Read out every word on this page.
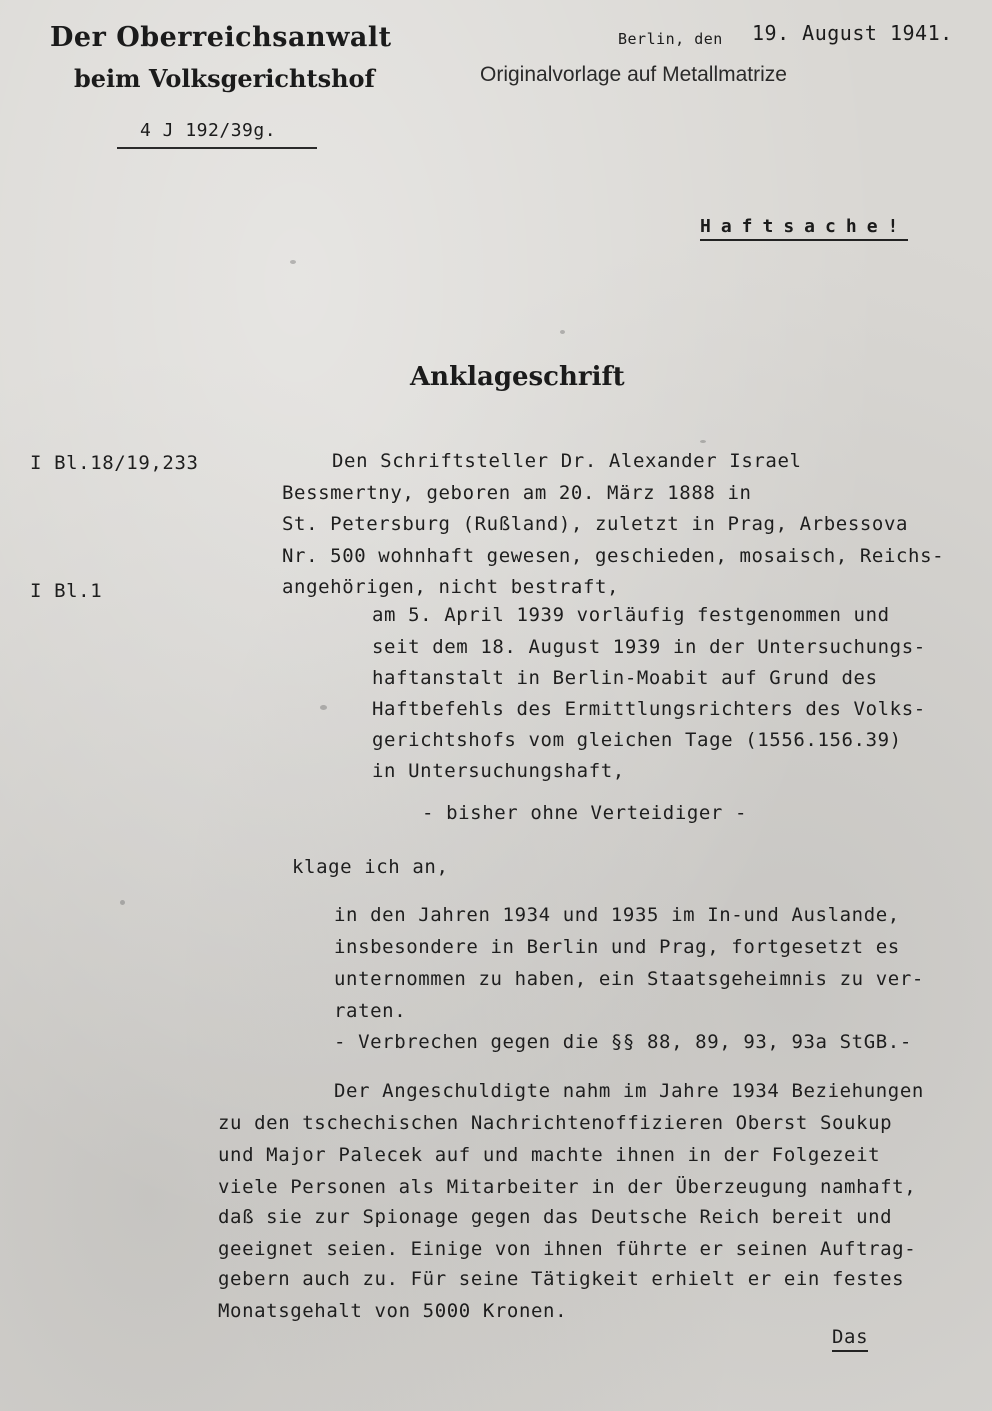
Der Oberreichsanwalt
beim Volksgerichtshof
4 J 192/39g.
Berlin, den 19. August 1941.
Originalvorlage auf Metallmatrize
Haftsache!
Anklageschrift
I Bl.18/19,233
I Bl.1
Den Schriftsteller Dr. Alexander Israel
Bessmertny, geboren am 20. März 1888 in
St. Petersburg (Rußland), zuletzt in Prag, Arbessova
Nr. 500 wohnhaft gewesen, geschieden, mosaisch, Reichs-
angehörigen, nicht bestraft,
am 5. April 1939 vorläufig festgenommen und
seit dem 18. August 1939 in der Untersuchungs-
haftanstalt in Berlin-Moabit auf Grund des
Haftbefehls des Ermittlungsrichters des Volks-
gerichtshofs vom gleichen Tage (1556.156.39)
in Untersuchungshaft,
- bisher ohne Verteidiger -
klage ich an,
in den Jahren 1934 und 1935 im In-und Auslande,
insbesondere in Berlin und Prag, fortgesetzt es
unternommen zu haben, ein Staatsgeheimnis zu ver-
raten.
- Verbrechen gegen die §§ 88, 89, 93, 93a StGB.-
Der Angeschuldigte nahm im Jahre 1934 Beziehungen
zu den tschechischen Nachrichtenoffizieren Oberst Soukup
und Major Palecek auf und machte ihnen in der Folgezeit
viele Personen als Mitarbeiter in der Überzeugung namhaft,
daß sie zur Spionage gegen das Deutsche Reich bereit und
geeignet seien. Einige von ihnen führte er seinen Auftrag-
gebern auch zu. Für seine Tätigkeit erhielt er ein festes
Monatsgehalt von 5000 Kronen.
Das
